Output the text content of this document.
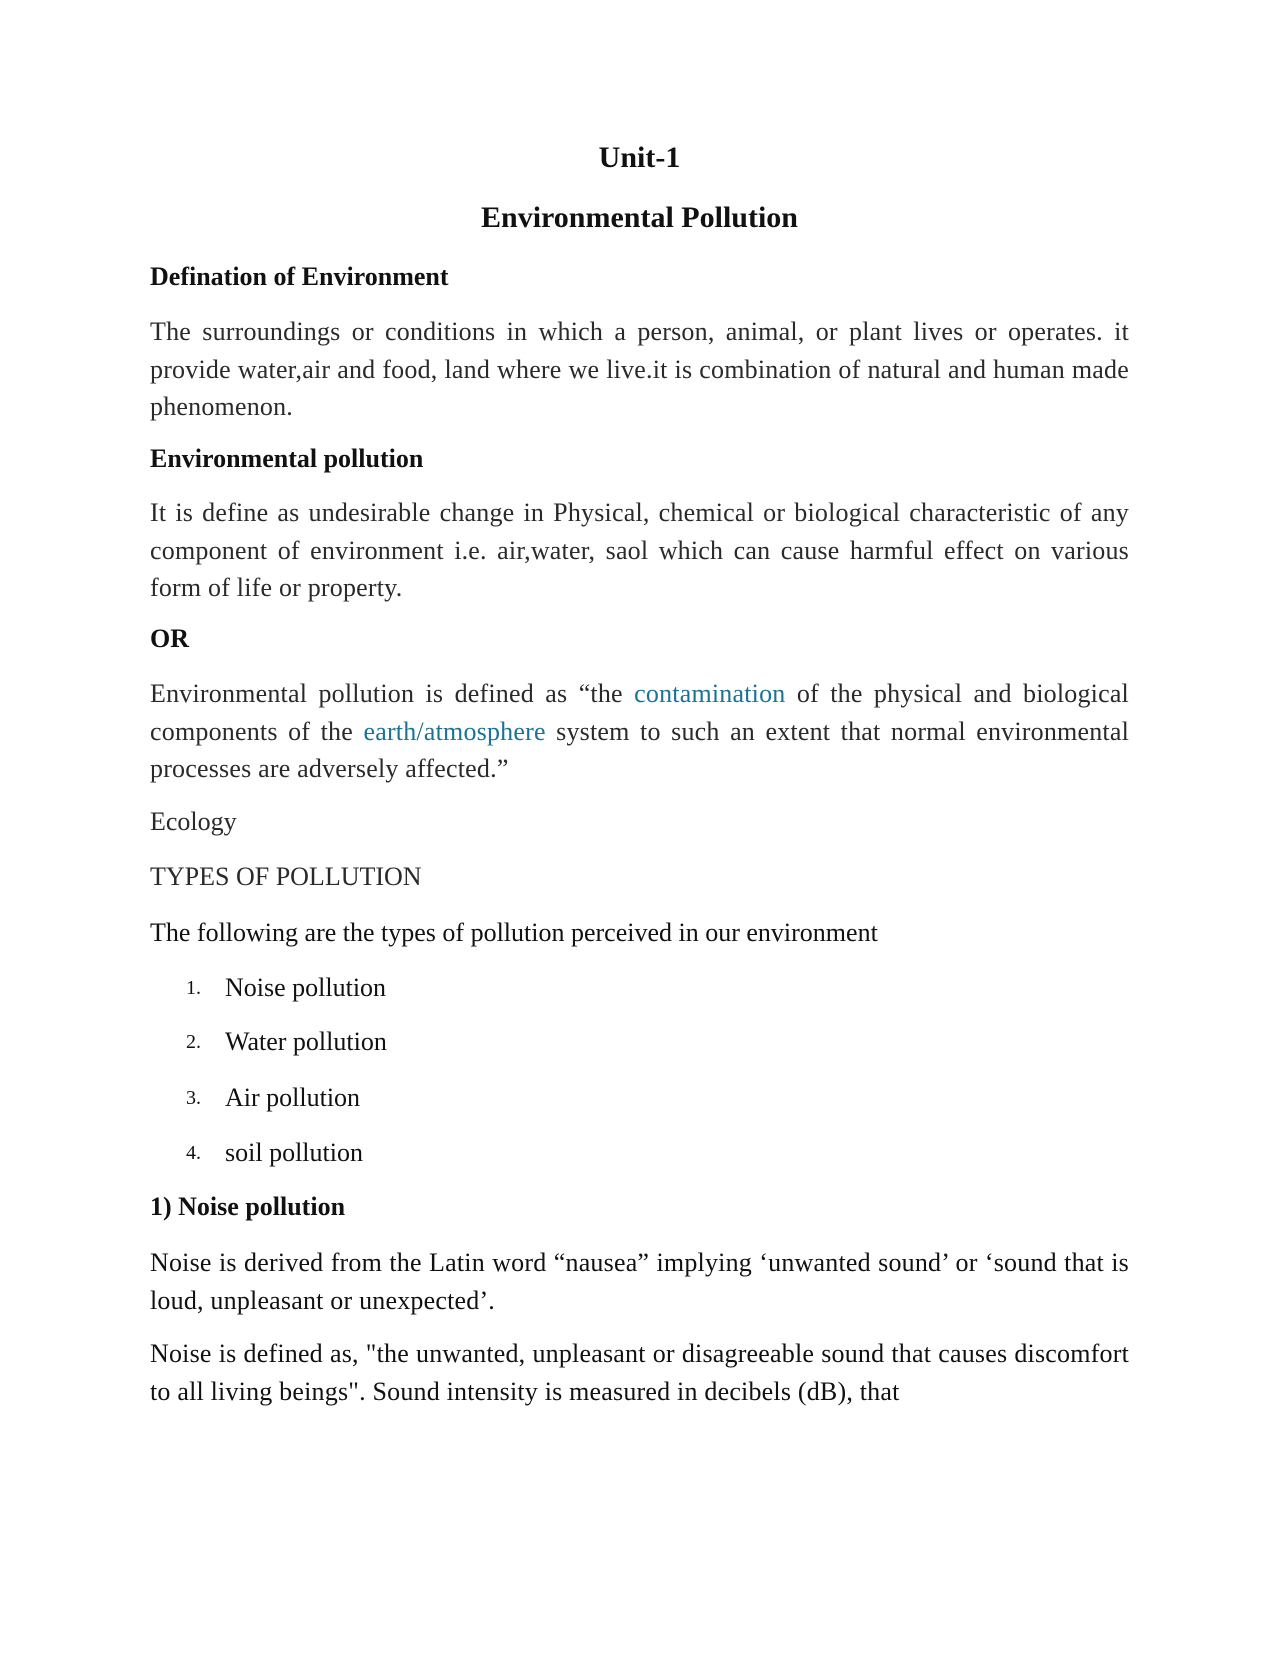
Unit-1
Environmental Pollution
Defination of Environment

The surroundings or conditions in which a person, animal, or plant lives or operates. it provide water,air and food, land where we live.it is combination of natural and human made phenomenon.

Environmental pollution

It is define as undesirable change in Physical, chemical or biological characteristic of any component of environment i.e. air,water, saol which can cause harmful effect on various form of life or property.

OR

Environmental pollution is defined as “the contamination of the physical and biological components of the earth/atmosphere system to such an extent that normal environmental processes are adversely affected.”

Ecology

TYPES OF POLLUTION

The following are the types of pollution perceived in our environment

1. Noise pollution
2. Water pollution
3. Air pollution
4. soil pollution
1) Noise pollution

Noise is derived from the Latin word “nausea” implying ‘unwanted sound’ or ‘sound that is loud, unpleasant or unexpected’.

Noise is defined as, "the unwanted, unpleasant or disagreeable sound that causes discomfort to all living beings". Sound intensity is measured in decibels (dB), that
